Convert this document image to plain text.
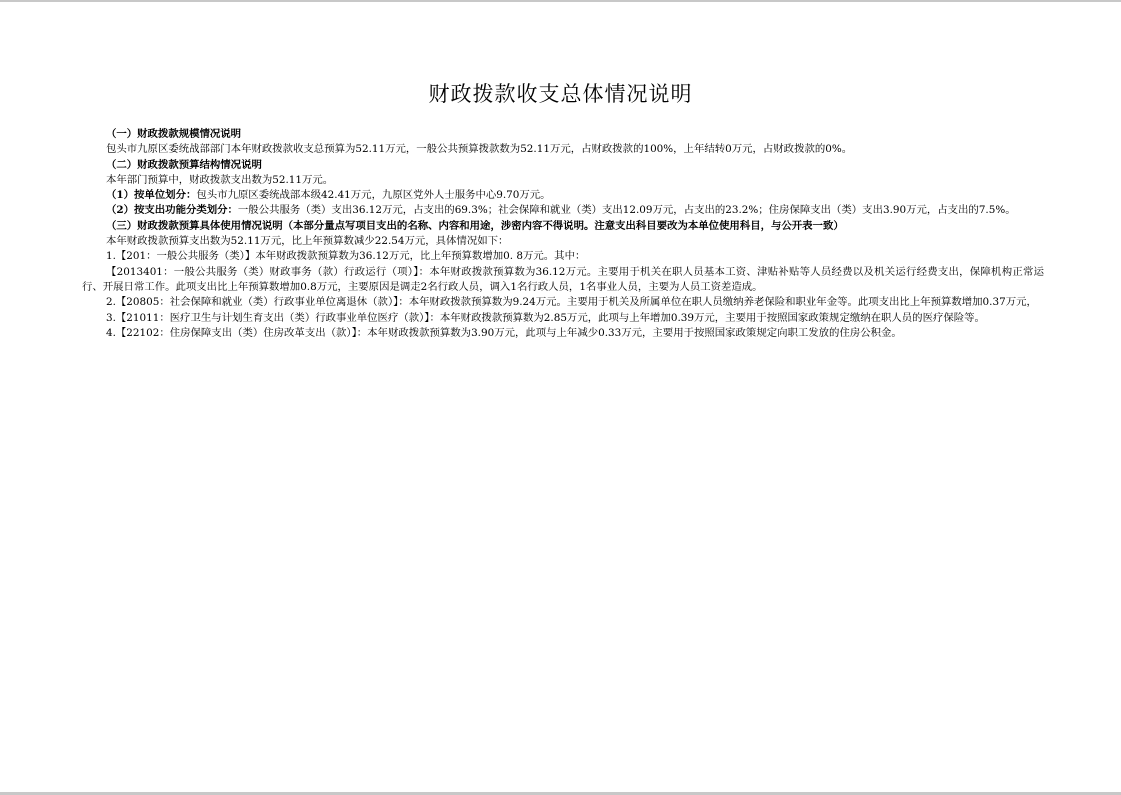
财政拨款收支总体情况说明

（一）财政拨款规模情况说明

包头市九原区委统战部部门本年财政拨款收支总预算为52.11万元，一般公共预算拨款数为52.11万元，占财政拨款的100%，上年结转0万元，占财政拨款的0%。

（二）财政拨款预算结构情况说明

本年部门预算中，财政拨款支出数为52.11万元。

（1）按单位划分：包头市九原区委统战部本级42.41万元，九原区党外人士服务中心9.70万元。

（2）按支出功能分类划分：一般公共服务（类）支出36.12万元，占支出的69.3%；社会保障和就业（类）支出12.09万元，占支出的23.2%；住房保障支出（类）支出3.90万元，占支出的7.5%。

（三）财政拨款预算具体使用情况说明（本部分量点写项目支出的名称、内容和用途，涉密内容不得说明。注意支出科目要改为本单位使用科目，与公开表一致）

本年财政拨款预算支出数为52.11万元，比上年预算数减少22.54万元，具体情况如下：

1.【201：一般公共服务（类）】本年财政拨款预算数为36.12万元，比上年预算数增加0. 8万元。其中：

【2013401：一般公共服务（类）财政事务（款）行政运行（项）】：本年财政拨款预算数为36.12万元。主要用于机关在职人员基本工资、津贴补贴等人员经费以及机关运行经费支出，保障机构正常运行、开展日常工作。此项支出比上年预算数增加0.8万元，主要原因是调走2名行政人员，调入1名行政人员，1名事业人员，主要为人员工资差造成。

2.【20805：社会保障和就业（类）行政事业单位离退休（款）】：本年财政拨款预算数为9.24万元。主要用于机关及所属单位在职人员缴纳养老保险和职业年金等。此项支出比上年预算数增加0.37万元，

3.【21011：医疗卫生与计划生育支出（类）行政事业单位医疗（款）】：本年财政拨款预算数为2.85万元，此项与上年增加0.39万元，主要用于按照国家政策规定缴纳在职人员的医疗保险等。

4.【22102：住房保障支出（类）住房改革支出（款）】：本年财政拨款预算数为3.90万元，此项与上年减少0.33万元，主要用于按照国家政策规定向职工发放的住房公积金。
